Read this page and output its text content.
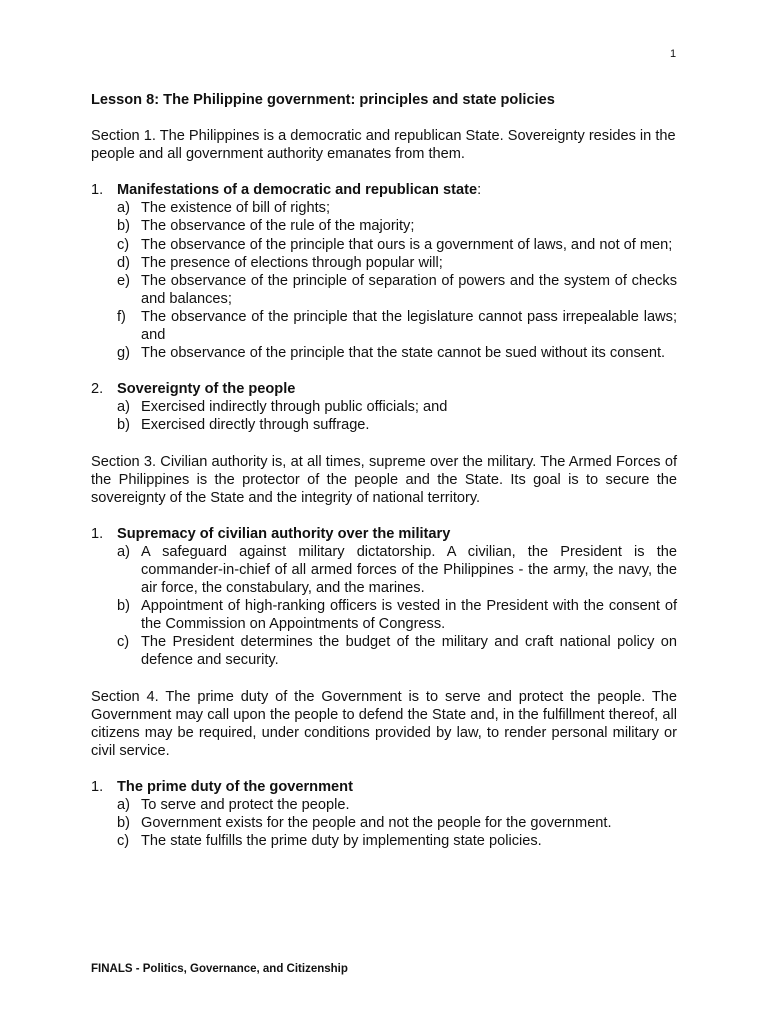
1
Lesson 8: The Philippine government: principles and state policies
Section 1. The Philippines is a democratic and republican State. Sovereignty resides in the people and all government authority emanates from them.
1. Manifestations of a democratic and republican state:
a) The existence of bill of rights;
b) The observance of the rule of the majority;
c) The observance of the principle that ours is a government of laws, and not of men;
d) The presence of elections through popular will;
e) The observance of the principle of separation of powers and the system of checks and balances;
f)	The observance of the principle that the legislature cannot pass irrepealable laws; and
g) The observance of the principle that the state cannot be sued without its consent.
2. Sovereignty of the people
a) Exercised indirectly through public officials; and
b) Exercised directly through suffrage.
Section 3. Civilian authority is, at all times, supreme over the military. The Armed Forces of the Philippines is the protector of the people and the State. Its goal is to secure the sovereignty of the State and the integrity of national territory.
1. Supremacy of civilian authority over the military
a) A safeguard against military dictatorship. A civilian, the President is the commander-in-chief of all armed forces of the Philippines - the army, the navy, the air force, the constabulary, and the marines.
b) Appointment of high-ranking officers is vested in the President with the consent of the Commission on Appointments of Congress.
c) The President determines the budget of the military and craft national policy on defence and security.
Section 4. The prime duty of the Government is to serve and protect the people. The Government may call upon the people to defend the State and, in the fulfillment thereof, all citizens may be required, under conditions provided by law, to render personal military or civil service.
1. The prime duty of the government
a) To serve and protect the people.
b) Government exists for the people and not the people for the government.
c) The state fulfills the prime duty by implementing state policies.
FINALS - Politics, Governance, and Citizenship
